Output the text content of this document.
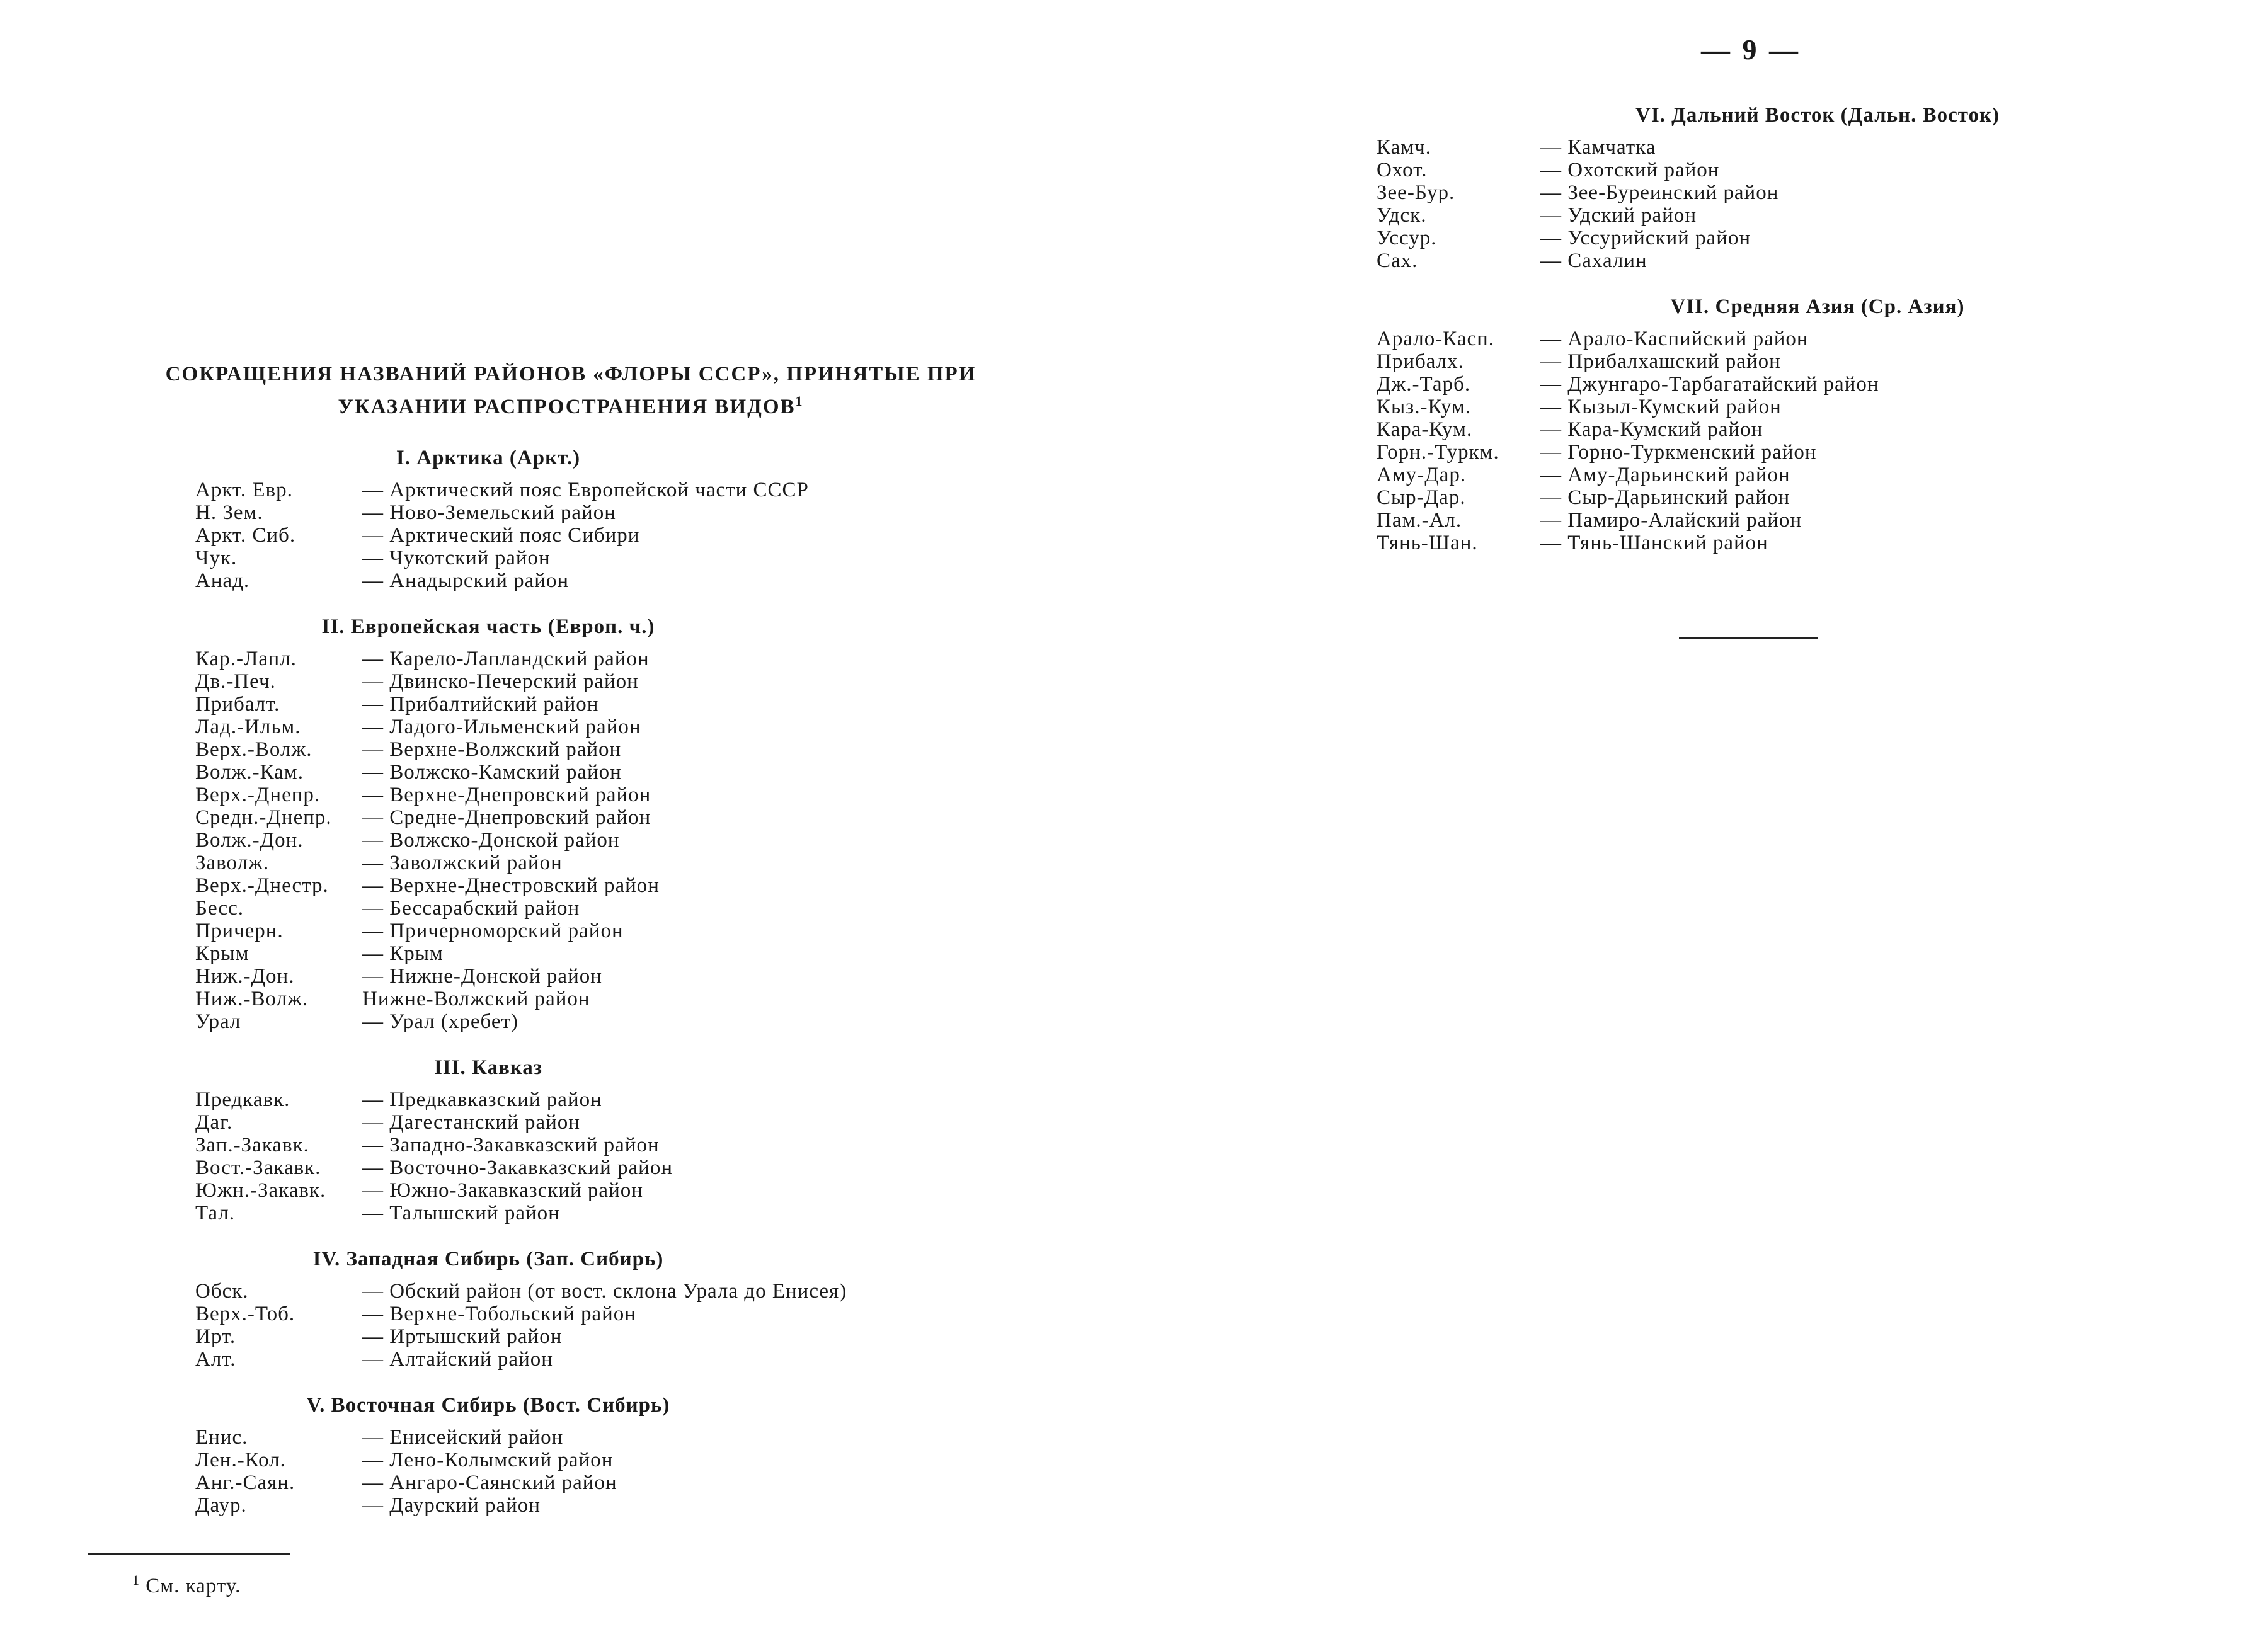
— 9 —
СОКРАЩЕНИЯ НАЗВАНИЙ РАЙОНОВ «ФЛОРЫ СССР», ПРИНЯТЫЕ ПРИ
УКАЗАНИИ РАСПРОСТРАНЕНИЯ ВИДОВ$^1$
I. Арктика (Аркт.)
Аркт. Евр.	— Арктический пояс Европейской части СССР
Н. Зем.	— Ново-Земельский район
Аркт. Сиб.	— Арктический пояс Сибири
Чук.	— Чукотский район
Анад.	— Анадырский район
II. Европейская часть (Европ. ч.)
Кар.-Лапл.	— Карело-Лапландский район
Дв.-Печ.	— Двинско-Печерский район
Прибалт.	— Прибалтийский район
Лад.-Ильм.	— Ладого-Ильменский район
Верх.-Волж.	— Верхне-Волжский район
Волж.-Кам.	— Волжско-Камский район
Верх.-Днепр.	— Верхне-Днепровский район
Средн.-Днепр.	— Средне-Днепровский район
Волж.-Дон.	— Волжско-Донской район
Заволж.	— Заволжский район
Верх.-Днестр.	— Верхне-Днестровский район
Бесс.	— Бессарабский район
Причерн.	— Причерноморский район
Крым	— Крым
Ниж.-Дон.	— Нижне-Донской район
Ниж.-Волж.	Нижне-Волжский район
Урал	— Урал (хребет)
III. Кавказ
Предкавк.	— Предкавказский район
Даг.	— Дагестанский район
Зап.-Закавк.	— Западно-Закавказский район
Вост.-Закавк.	— Восточно-Закавказский район
Южн.-Закавк.	— Южно-Закавказский район
Тал.	— Талышский район
IV. Западная Сибирь (Зап. Сибирь)
Обск.	— Обский район (от вост. склона Урала до Енисея)
Верх.-Тоб.	— Верхне-Тобольский район
Ирт.	— Иртышский район
Алт.	— Алтайский район
V. Восточная Сибирь (Вост. Сибирь)
Енис.	— Енисейский район
Лен.-Кол.	— Лено-Колымский район
Анг.-Саян.	— Ангаро-Саянский район
Даур.	— Даурский район
VI. Дальний Восток (Дальн. Восток)
Камч.	— Камчатка
Охот.	— Охотский район
Зее-Бур.	— Зее-Буреинский район
Удск.	— Удский район
Уссур.	— Уссурийский район
Сах.	— Сахалин
VII. Средняя Азия (Ср. Азия)
Арало-Касп.	— Арало-Каспийский район
Прибалх.	— Прибалхашский район
Дж.-Тарб.	— Джунгаро-Тарбагатайский район
Кыз.-Кум.	— Кызыл-Кумский район
Кара-Кум.	— Кара-Кумский район
Горн.-Туркм.	— Горно-Туркменский район
Аму-Дар.	— Аму-Дарьинский район
Сыр-Дар.	— Сыр-Дарьинский район
Пам.-Ал.	— Памиро-Алайский район
Тянь-Шан.	— Тянь-Шанский район
$^1$ См. карту.
